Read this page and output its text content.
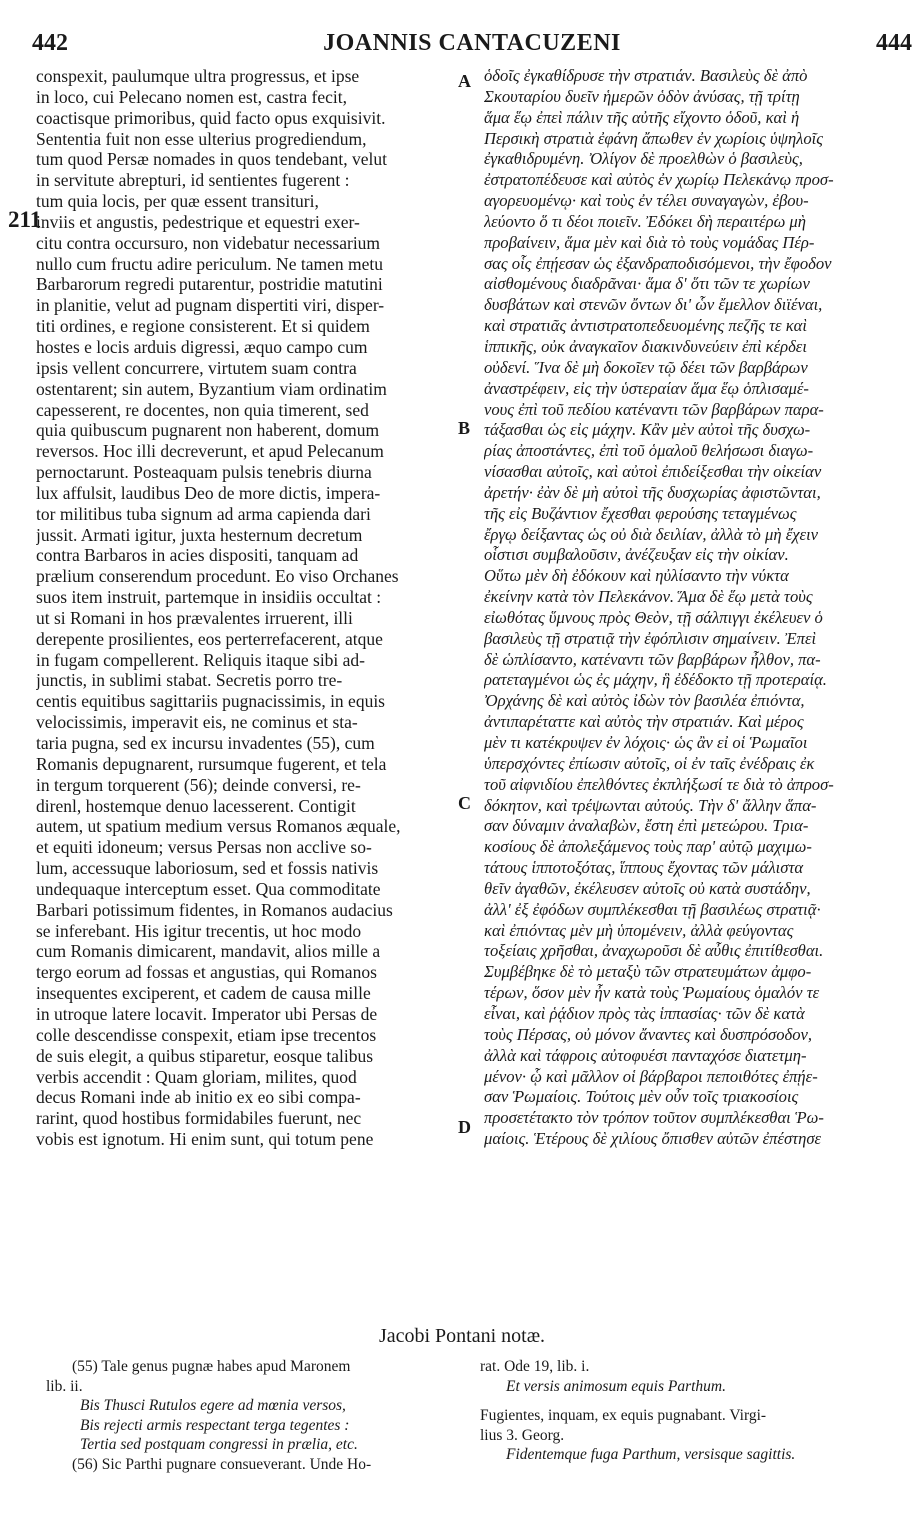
442	JOANNIS CANTACUZENI	444
211
A
B
C
D
conspexit, paulumque ultra progressus, et ipse
in loco, cui Pelecano nomen est, castra fecit,
coactisque primoribus, quid facto opus exquisivit.
Sententia fuit non esse ulterius progrediendum,
tum quod Persæ nomades in quos tendebant, velut
in servitute abrepturi, id sentientes fugerent :
tum quia locis, per quæ essent transituri,
inviis et angustis, pedestrique et equestri exer-
citu contra occursuro, non videbatur necessarium
nullo cum fructu adire periculum. Ne tamen metu
Barbarorum regredi putarentur, postridie matutini
in planitie, velut ad pugnam dispertiti viri, disper-
titi ordines, e regione consisterent. Et si quidem
hostes e locis arduis digressi, æquo campo cum
ipsis vellent concurrere, virtutem suam contra
ostentarent; sin autem, Byzantium viam ordinatim
capesserent, re docentes, non quia timerent, sed
quia quibuscum pugnarent non haberent, domum
reversos. Hoc illi decreverunt, et apud Pelecanum
pernoctarunt. Posteaquam pulsis tenebris diurna
lux affulsit, laudibus Deo de more dictis, impera-
tor militibus tuba signum ad arma capienda dari
jussit. Armati igitur, juxta hesternum decretum
contra Barbaros in acies dispositi, tanquam ad
prælium conserendum procedunt. Eo viso Orchanes
suos item instruit, partemque in insidiis occultat :
ut si Romani in hos prævalentes irruerent, illi
derepente prosilientes, eos perterrefacerent, atque
in fugam compellerent. Reliquis itaque sibi ad-
junctis, in sublimi stabat. Secretis porro tre-
centis equitibus sagittariis pugnacissimis, in equis
velocissimis, imperavit eis, ne cominus et sta-
taria pugna, sed ex incursu invadentes (55), cum
Romanis depugnarent, rursumque fugerent, et tela
in tergum torquerent (56); deinde conversi, re-
direnl, hostemque denuo lacesserent. Contigit
autem, ut spatium medium versus Romanos æquale,
et equiti idoneum; versus Persas non acclive so-
lum, accessuque laboriosum, sed et fossis nativis
undequaque interceptum esset. Qua commoditate
Barbari potissimum fidentes, in Romanos audacius
se inferebant. His igitur trecentis, ut hoc modo
cum Romanis dimicarent, mandavit, alios mille a
tergo eorum ad fossas et angustias, qui Romanos
insequentes exciperent, et cadem de causa mille
in utroque latere locavit. Imperator ubi Persas de
colle descendisse conspexit, etiam ipse trecentos
de suis elegit, a quibus stiparetur, eosque talibus
verbis accendit : Quam gloriam, milites, quod
decus Romani inde ab initio ex eo sibi compa-
rarint, quod hostibus formidabiles fuerunt, nec
vobis est ignotum. Hi enim sunt, qui totum pene
ὁδοῖς ἐγκαθίδρυσε τὴν στρατιάν. Βασιλεὺς δὲ ἀπὸ
Σκουταρίου δυεῖν ἡμερῶν ὁδὸν ἀνύσας, τῇ τρίτῃ
ἅμα ἕῳ ἐπεὶ πάλιν τῆς αὐτῆς εἴχοντο ὁδοῦ, καὶ ἡ
Περσικὴ στρατιὰ ἐφάνη ἄπωθεν ἐν χωρίοις ὑψηλοῖς
ἐγκαθιδρυμένη. Ὀλίγον δὲ προελθὼν ὁ βασιλεὺς,
ἐστρατοπέδευσε καὶ αὐτὸς ἐν χωρίῳ Πελεκάνῳ προσ-
αγορευομένῳ· καὶ τοὺς ἐν τέλει συναγαγὼν, ἐβου-
λεύοντο ὅ τι δέοι ποιεῖν. Ἐδόκει δὴ περαιτέρω μὴ
προβαίνειν, ἅμα μὲν καὶ διὰ τὸ τοὺς νομάδας Πέρ-
σας οἷς ἐπῄεσαν ὡς ἐξανδραποδισόμενοι, τὴν ἔφοδον
αἰσθομένους διαδρᾶναι· ἅμα δ' ὅτι τῶν τε χωρίων
δυσβάτων καὶ στενῶν ὄντων δι' ὧν ἔμελλον διϊέναι,
καὶ στρατιᾶς ἀντιστρατοπεδευομένης πεζῆς τε καὶ
ἱππικῆς, οὐκ ἀναγκαῖον διακινδυνεύειν ἐπὶ κέρδει
οὐδενί. Ἵνα δὲ μὴ δοκοῖεν τῷ δέει τῶν βαρβάρων
ἀναστρέφειν, εἰς τὴν ὑστεραίαν ἅμα ἕῳ ὁπλισαμέ-
νους ἐπὶ τοῦ πεδίου κατέναντι τῶν βαρβάρων παρα-
τάξασθαι ὡς εἰς μάχην. Κἂν μὲν αὐτοὶ τῆς δυσχω-
ρίας ἀποστάντες, ἐπὶ τοῦ ὁμαλοῦ θελήσωσι διαγω-
νίσασθαι αὐτοῖς, καὶ αὐτοὶ ἐπιδείξεσθαι τὴν οἰκείαν
ἀρετήν· ἐὰν δὲ μὴ αὐτοὶ τῆς δυσχωρίας ἀφιστῶνται,
τῆς εἰς Βυζάντιον ἔχεσθαι φερούσης τεταγμένως
ἔργῳ δείξαντας ὡς οὐ διὰ δειλίαν, ἀλλὰ τὸ μὴ ἔχειν
οἷστισι συμβαλοῦσιν, ἀνέζευξαν εἰς τὴν οἰκίαν.
Οὕτω μὲν δὴ ἐδόκουν καὶ ηὐλίσαντο τὴν νύκτα
ἐκείνην κατὰ τὸν Πελεκάνον. Ἅμα δὲ ἕῳ μετὰ τοὺς
εἰωθότας ὕμνους πρὸς Θεὸν, τῇ σάλπιγγι ἐκέλευεν ὁ
βασιλεὺς τῇ στρατιᾷ τὴν ἐφόπλισιν σημαίνειν. Ἐπεὶ
δὲ ὡπλίσαντο, κατέναντι τῶν βαρβάρων ἦλθον, πα-
ρατεταγμένοι ὡς ἐς μάχην, ἣ ἐδέδοκτο τῇ προτεραίᾳ.
Ὀρχάνης δὲ καὶ αὐτὸς ἰδὼν τὸν βασιλέα ἐπιόντα,
ἀντιπαρέταττε καὶ αὐτὸς τὴν στρατιάν. Καὶ μέρος
μὲν τι κατέκρυψεν ἐν λόχοις· ὡς ἂν εἰ οἱ Ῥωμαῖοι
ὑπερσχόντες ἐπίωσιν αὐτοῖς, οἱ ἐν ταῖς ἐνέδραις ἐκ
τοῦ αἰφνιδίου ἐπελθόντες ἐκπλήξωσί τε διὰ τὸ ἀπροσ-
δόκητον, καὶ τρέψωνται αὐτούς. Τὴν δ' ἄλλην ἅπα-
σαν δύναμιν ἀναλαβὼν, ἔστη ἐπὶ μετεώρου. Τρια-
κοσίους δὲ ἀπολεξάμενος τοὺς παρ' αὐτῷ μαχιμω-
τάτους ἱπποτοξότας, ἵππους ἔχοντας τῶν μάλιστα
θεῖν ἀγαθῶν, ἐκέλευσεν αὐτοῖς οὐ κατὰ συστάδην,
ἀλλ' ἐξ ἐφόδων συμπλέκεσθαι τῇ βασιλέως στρατιᾷ·
καὶ ἐπιόντας μὲν μὴ ὑπομένειν, ἀλλὰ φεύγοντας
τοξείαις χρῆσθαι, ἀναχωροῦσι δὲ αὖθις ἐπιτίθεσθαι.
Συμβέβηκε δὲ τὸ μεταξὺ τῶν στρατευμάτων ἀμφο-
τέρων, ὅσον μὲν ἦν κατὰ τοὺς Ῥωμαίους ὁμαλόν τε
εἶναι, καὶ ῥᾴδιον πρὸς τὰς ἱππασίας· τῶν δὲ κατὰ
τοὺς Πέρσας, οὐ μόνον ἄναντες καὶ δυσπρόσοδον,
ἀλλὰ καὶ τάφροις αὐτοφυέσι πανταχόσε διατετμη-
μένον· ᾧ καὶ μᾶλλον οἱ βάρβαροι πεποιθότες ἐπῄε-
σαν Ῥωμαίοις. Τούτοις μὲν οὖν τοῖς τριακοσίοις
προσετέτακτο τὸν τρόπον τοῦτον συμπλέκεσθαι Ῥω-
μαίοις. Ἑτέρους δὲ χιλίους ὄπισθεν αὐτῶν ἐπέστησε
Jacobi Pontani notæ.
(55) Tale genus pugnæ habes apud Maronem
lib. ii.
Bis Thusci Rutulos egere ad mœnia versos,
Bis rejecti armis respectant terga tegentes :
Tertia sed postquam congressi in prælia, etc.
(56) Sic Parthi pugnare consueverant. Unde Ho-
rat. Ode 19, lib. i.
Et versis animosum equis Parthum.
Fugientes, inquam, ex equis pugnabant. Virgi-
lius 3. Georg.
Fidentemque fuga Parthum, versisque sagittis.
